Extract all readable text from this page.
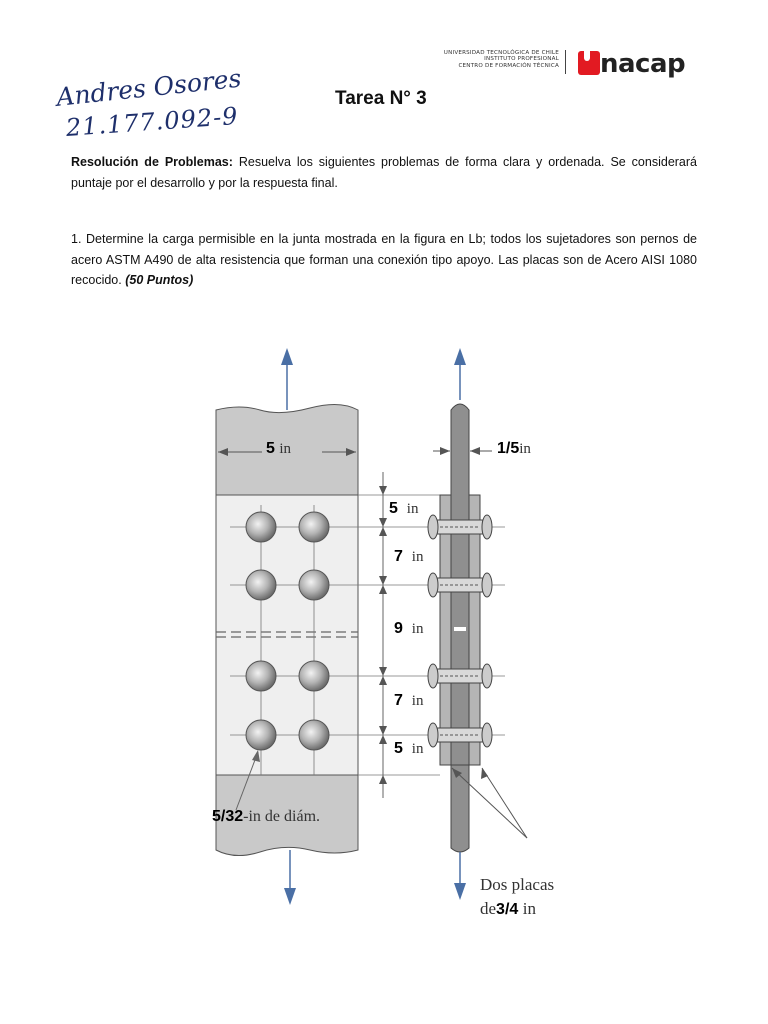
UNIVERSIDAD TECNOLÓGICA DE CHILE
INSTITUTO PROFESIONAL
CENTRO DE FORMACIÓN TÉCNICA nacap
Andres Osores
21.177.092-9
Tarea N° 3
Resolución de Problemas: Resuelva los siguientes problemas de forma clara y ordenada. Se considerará puntaje por el desarrollo y por la respuesta final.
1. Determine la carga permisible en la junta mostrada en la figura en Lb; todos los sujetadores son pernos de acero ASTM A490 de alta resistencia que forman una conexión tipo apoyo. Las placas son de Acero AISI 1080 recocido. (50 Puntos)
5 in	1/5in
5 in
7 in
9 in
7 in
5 in
5/32-in de diám.
Dos placas
de3/4 in
